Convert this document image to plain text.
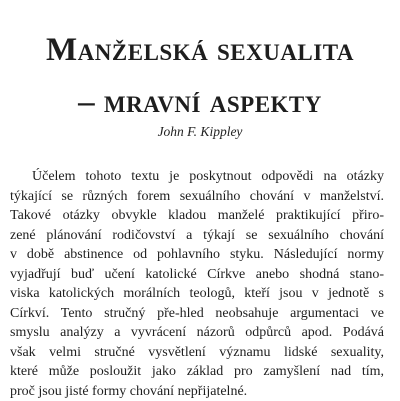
Manželská sexualita
– mravní aspekty
John F. Kippley
Účelem tohoto textu je poskytnout odpovědi na otázky
týkající se různých forem sexuálního chování v manželství.
Takové otázky obvykle kladou manželé praktikující přiro-
zené plánování rodičovství a týkají se sexuálního chování
v době abstinence od pohlavního styku. Následující normy
vyjadřují buď učení katolické Církve anebo shodná stano-
viska katolických morálních teologů, kteří jsou v jednotě s
Církví. Tento stručný pře-hled neobsahuje argumentaci ve
smyslu analýzy a vyvrácení názorů odpůrců apod. Podává
však velmi stručné vysvětlení významu lidské sexuality,
které může posloužit jako základ pro zamyšlení nad tím,
proč jsou jisté formy chování nepřijatelné.
